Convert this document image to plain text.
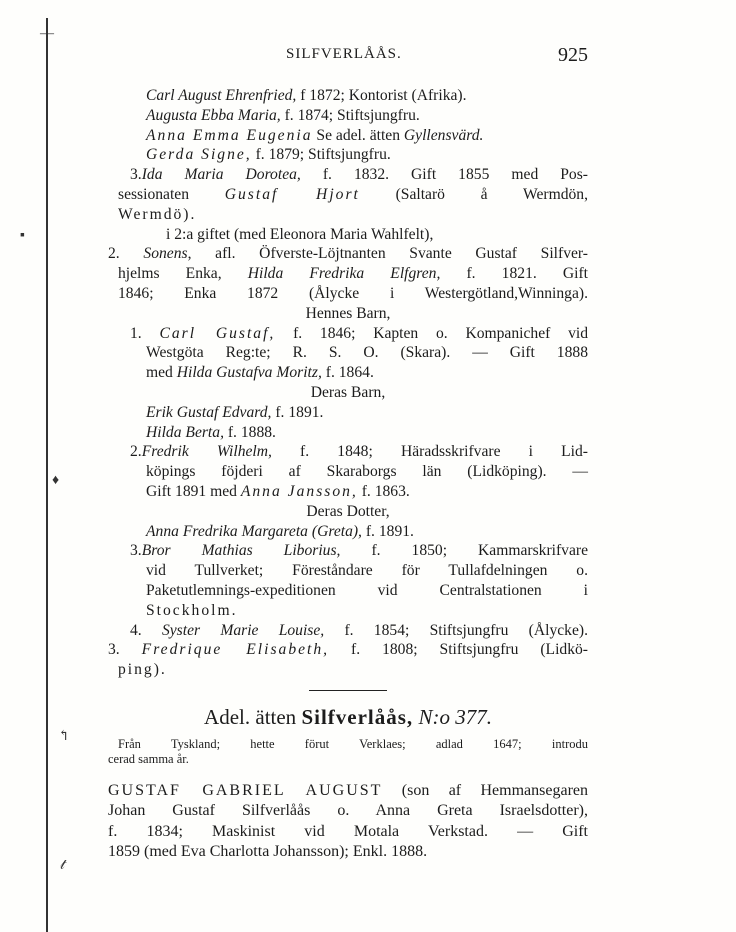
—
▪
♦
↰
𝓉
SILFVERLÅÅS.	925
Carl August Ehrenfried, f 1872; Kontorist (Afrika).
Augusta Ebba Maria, f. 1874; Stiftsjungfru.
Anna Emma Eugenia Se adel. ätten Gyllensvärd.
Gerda Signe, f. 1879; Stiftsjungfru.
3.Ida Maria Dorotea, f. 1832. Gift 1855 med Pos-
sessionaten Gustaf Hjort (Saltarö å Wermdön,
Wermdö).
i 2:a giftet (med Eleonora Maria Wahlfelt),
2. Sonens, afl. Öfverste-Löjtnanten Svante Gustaf Silfver-
hjelms Enka, Hilda Fredrika Elfgren, f. 1821. Gift
1846; Enka 1872 (Ålycke i Westergötland,Winninga).
Hennes Barn,
1. Carl Gustaf, f. 1846; Kapten o. Kompanichef vid
Westgöta Reg:te; R. S. O. (Skara). — Gift 1888
med Hilda Gustafva Moritz, f. 1864.
Deras Barn,
Erik Gustaf Edvard, f. 1891.
Hilda Berta, f. 1888.
2.Fredrik Wilhelm, f. 1848; Häradsskrifvare i Lid-
köpings föjderi af Skaraborgs län (Lidköping). —
Gift 1891 med Anna Jansson, f. 1863.
Deras Dotter,
Anna Fredrika Margareta (Greta), f. 1891.
3.Bror Mathias Liborius, f. 1850; Kammarskrifvare
vid Tullverket; Föreståndare för Tullafdelningen o.
Paketutlemnings-expeditionen vid Centralstationen i
Stockholm.
4. Syster Marie Louise, f. 1854; Stiftsjungfru (Ålycke).
3. Fredrique Elisabeth, f. 1808; Stiftsjungfru (Lidkö-
ping).
Adel. ätten Silfverlåås, N:o 377.
Från Tyskland; hette förut Verklaes; adlad 1647; introdu
cerad samma år.
GUSTAF GABRIEL AUGUST (son af Hemmansegaren
Johan Gustaf Silfverlåås o. Anna Greta Israelsdotter),
f. 1834; Maskinist vid Motala Verkstad. — Gift
1859 (med Eva Charlotta Johansson); Enkl. 1888.
